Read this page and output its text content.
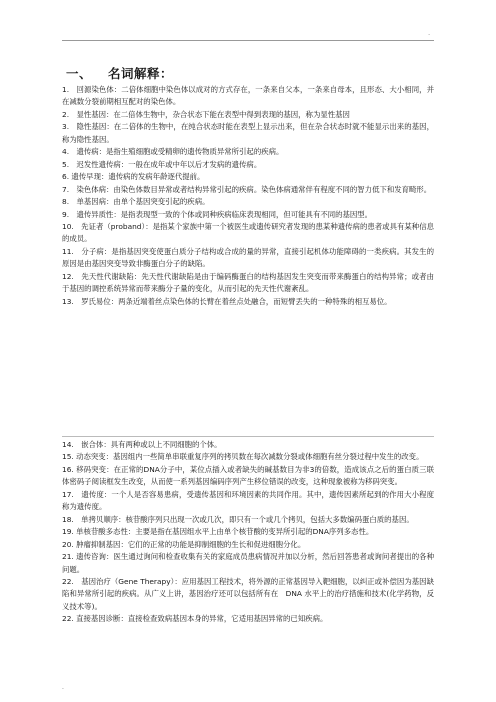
.
一、 名词解释：

1.　回源染色体：二倍体细胞中染色体以成对的方式存在，一条来自父本，一条来自母本，且形态、大小相同，并在减数分裂前期相互配对的染色体。

2.　显性基因：在二倍体生物中，杂合状态下能在表型中得到表现的基因，称为显性基因

3.　隐性基因：在二倍体的生物中，在纯合状态时能在表型上显示出来，但在杂合状态时就不能显示出来的基因，称为隐性基因。

4.　遗传病：是指生殖细胞或受精卵的遗传物质异常所引起的疾病。

5.　迟发性遗传病：一般在成年或中年以后才发病的遗传病。

6. 遗传早现：遗传病的发病年龄逐代提前。

7.　染色体病：由染色体数目异常或者结构异常引起的疾病。染色体病通常伴有程度不同的智力低下和发育畸形。

8.　单基因病：由单个基因突变引起的疾病。

9.　遗传异质性：是指表现型一致的个体或同种疾病临床表现相同，但可能具有不同的基因型。

10.　先证者（proband）：是指某个家族中第一个被医生或遗传研究者发现的患某种遗传病的患者或具有某种信息的成员。

11.　分子病：是指基因突变使蛋白质分子结构或合成的量的异常，直接引起机体功能障碍的一类疾病。其发生的原因是由基因突变导致非酶蛋白分子的缺陷。

12.　先天性代谢缺陷：先天性代谢缺陷是由于编码酶蛋白的结构基因发生突变而带来酶蛋白的结构异常；或者由于基因的调控系统异常而带来酶分子量的变化，从而引起的先天性代谢紊乱。

13.　罗氏易位：两条近端着丝点染色体的长臂在着丝点处融合，而短臂丢失的一种特殊的相互易位。

14.　嵌合体：具有两种或以上不同细胞的个体。

15. 动态突变：基因组内一些简单串联重复序列的拷贝数在每次减数分裂或体细胞有丝分裂过程中发生的改变。

16. 移码突变：在正常的DNA分子中，某位点插入或者缺失的碱基数目为非3的倍数，造成该点之后的蛋白质三联体密码子阅读框发生改变，从而使一系列基因编码序列产生移位错误的改变，这种现象被称为移码突变。

17.　遗传度：一个人是否容易患病，受遗传基因和环境因素的共同作用。其中，遗传因素所起到的作用大小程度称为遗传度。

18.　单拷贝顺序：核苷酸序列只出现一次或几次，即只有一个或几个拷贝，包括大多数编码蛋白质的基因。

19. 单核苷酸多态性：主要是指在基因组水平上由单个核苷酸的变异所引起的DNA序列多态性。

20. 肿瘤抑制基因：它们的正常的功能是抑制细胞的生长和促进细胞分化。

21. 遗传咨询：医生通过询问和检查收集有关的家庭成员患病情况并加以分析，然后回答患者或询问者提出的各种问题。

22.　基因治疗（Gene Therapy）：应用基因工程技术，将外源的正常基因导入靶细胞，以纠正或补偿因为基因缺陷和异常所引起的疾病。从广义上讲，基因治疗还可以包括所有在　DNA 水平上的治疗措施和技术(化学药物，反义技术等)。

22. 直接基因诊断：直接检查致病基因本身的异常，它适用基因异常的已知疾病。

.
